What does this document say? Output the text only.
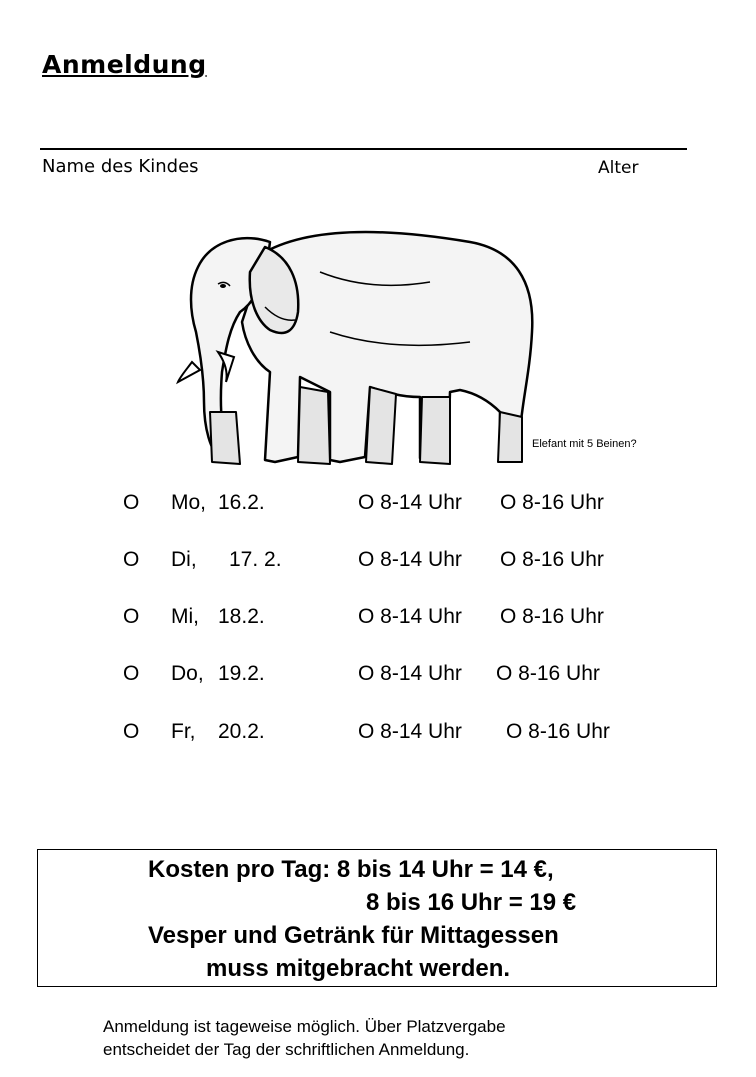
Anmeldung
Name des Kindes	Alter
Elefant mit 5 Beinen?
O Mo, 16.2.	O 8-14 Uhr O 8-16 Uhr
O Di, 17. 2.	O 8-14 Uhr O 8-16 Uhr
O Mi, 18.2.	O 8-14 Uhr O 8-16 Uhr
O Do, 19.2.	O 8-14 Uhr O 8-16 Uhr
O Fr, 20.2.	O 8-14 Uhr O 8-16 Uhr
Kosten pro Tag: 8 bis 14 Uhr = 14 €,
8 bis 16 Uhr = 19 €
Vesper und Getränk für Mittagessen
muss mitgebracht werden.
Anmeldung ist tageweise möglich. Über Platzvergabe
entscheidet der Tag der schriftlichen Anmeldung.
